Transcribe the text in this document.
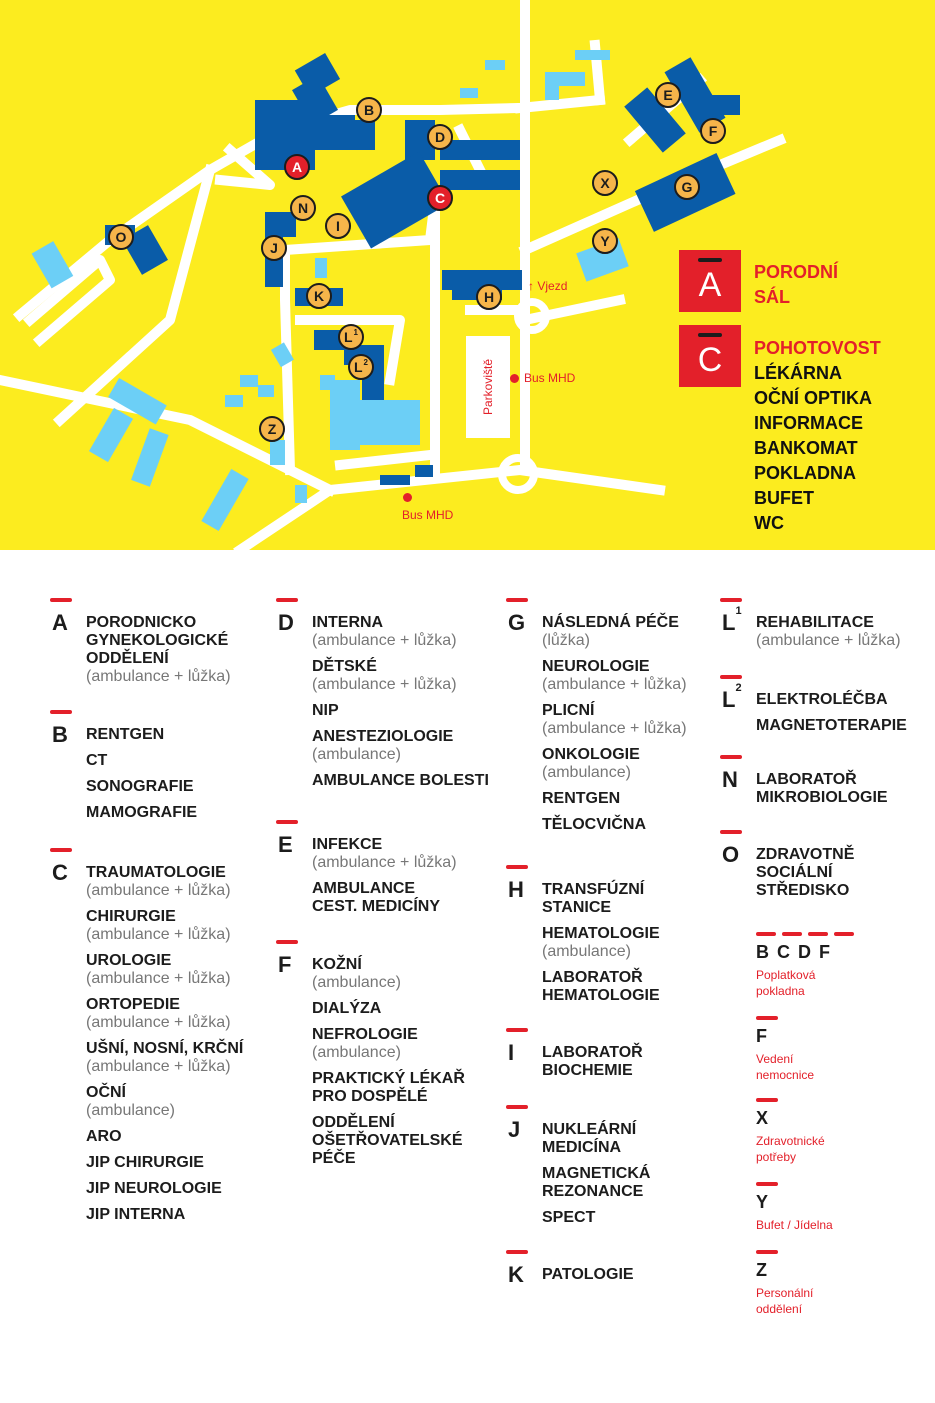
A
B
C
D
E
F
G
H
I
J
K
$L^1$
$L^2$
N
O
X
Y
Z
↑ Vjezd
Bus MHD
Bus MHD
Parkoviště
A PORODNÍ
SÁL
C POHOTOVOST
LÉKÁRNA
OČNÍ OPTIKA
INFORMACE
BANKOMAT
POKLADNA
BUFET
WC
A PORODNICKO
GYNEKOLOGICKÉ
ODDĚLENÍ
(ambulance + lůžka)
B RENTGEN
CT
SONOGRAFIE
MAMOGRAFIE
C TRAUMATOLOGIE
(ambulance + lůžka)
CHIRURGIE
(ambulance + lůžka)
UROLOGIE
(ambulance + lůžka)
ORTOPEDIE
(ambulance + lůžka)
UŠNÍ, NOSNÍ, KRČNÍ
(ambulance + lůžka)
OČNÍ
(ambulance)
ARO
JIP CHIRURGIE
JIP NEUROLOGIE
JIP INTERNA
D INTERNA
(ambulance + lůžka)
DĚTSKÉ
(ambulance + lůžka)
NIP
ANESTEZIOLOGIE
(ambulance)
AMBULANCE BOLESTI
E INFEKCE
(ambulance + lůžka)
AMBULANCE
CEST. MEDICÍNY
F KOŽNÍ
(ambulance)
DIALÝZA
NEFROLOGIE
(ambulance)
PRAKTICKÝ LÉKAŘ
PRO DOSPĚLÉ
ODDĚLENÍ
OŠETŘOVATELSKÉ
PÉČE
G NÁSLEDNÁ PÉČE
(lůžka)
NEUROLOGIE
(ambulance + lůžka)
PLICNÍ
(ambulance + lůžka)
ONKOLOGIE
(ambulance)
RENTGEN
TĚLOCVIČNA
H TRANSFÚZNÍ
STANICE
HEMATOLOGIE
(ambulance)
LABORATOŘ
HEMATOLOGIE
I LABORATOŘ
BIOCHEMIE
J NUKLEÁRNÍ
MEDICÍNA
MAGNETICKÁ
REZONANCE
SPECT
K PATOLOGIE
$L^1$
REHABILITACE
(ambulance + lůžka)
$L^2$
ELEKTROLÉČBA
MAGNETOTERAPIE
N LABORATOŘ
MIKROBIOLOGIE
O ZDRAVOTNĚ
SOCIÁLNÍ
STŘEDISKO
BCDF
Poplatková
pokladna
F
Vedení
nemocnice
X
Zdravotnické
potřeby
Y
Bufet / Jídelna
Z
Personální
oddělení
